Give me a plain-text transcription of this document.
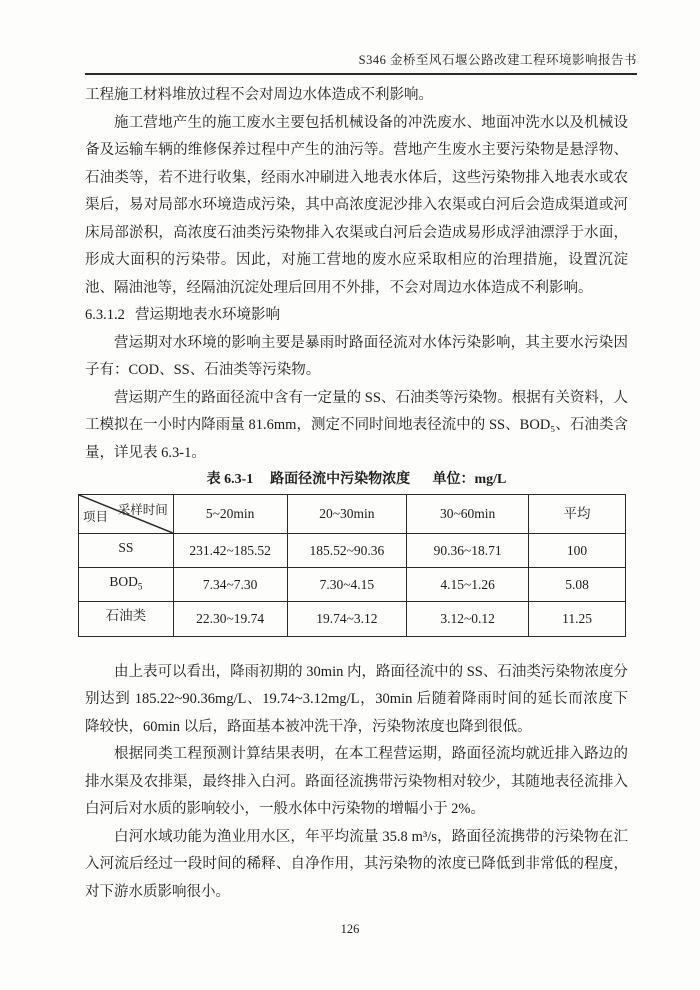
S346 金桥至风石堰公路改建工程环境影响报告书

工程施工材料堆放过程不会对周边水体造成不利影响。

施工营地产生的施工废水主要包括机械设备的冲洗废水、地面冲洗水以及机械设备及运输车辆的维修保养过程中产生的油污等。营地产生废水主要污染物是悬浮物、石油类等，若不进行收集，经雨水冲刷进入地表水体后，这些污染物排入地表水或农渠后，易对局部水环境造成污染，其中高浓度泥沙排入农渠或白河后会造成渠道或河床局部淤积，高浓度石油类污染物排入农渠或白河后会造成易形成浮油漂浮于水面，形成大面积的污染带。因此，对施工营地的废水应采取相应的治理措施，设置沉淀池、隔油池等，经隔油沉淀处理后回用不外排，不会对周边水体造成不利影响。

6.3.1.2 营运期地表水环境影响

营运期对水环境的影响主要是暴雨时路面径流对水体污染影响，其主要水污染因子有：COD、SS、石油类等污染物。

营运期产生的路面径流中含有一定量的 SS、石油类等污染物。根据有关资料，人工模拟在一小时内降雨量 81.6mm，测定不同时间地表径流中的 SS、BOD₅、石油类含量，详见表 6.3-1。

表 6.3-1 路面径流中污染物浓度 单位：mg/L
采样时间
项目	5~20min	20~30min	30~60min	平均
SS	231.42~185.52	185.52~90.36	90.36~18.71	100
$BOD_5$	7.34~7.30	7.30~4.15	4.15~1.26	5.08
石油类	22.30~19.74	19.74~3.12	3.12~0.12	11.25

由上表可以看出，降雨初期的 30min 内，路面径流中的 SS、石油类污染物浓度分别达到 185.22~90.36mg/L、19.74~3.12mg/L，30min 后随着降雨时间的延长而浓度下降较快，60min 以后，路面基本被冲洗干净，污染物浓度也降到很低。

根据同类工程预测计算结果表明，在本工程营运期，路面径流均就近排入路边的排水渠及农排渠，最终排入白河。路面径流携带污染物相对较少，其随地表径流排入白河后对水质的影响较小，一般水体中污染物的增幅小于 2%。

白河水域功能为渔业用水区，年平均流量 35.8 m³/s，路面径流携带的污染物在汇入河流后经过一段时间的稀释、自净作用，其污染物的浓度已降低到非常低的程度，对下游水质影响很小。

126
